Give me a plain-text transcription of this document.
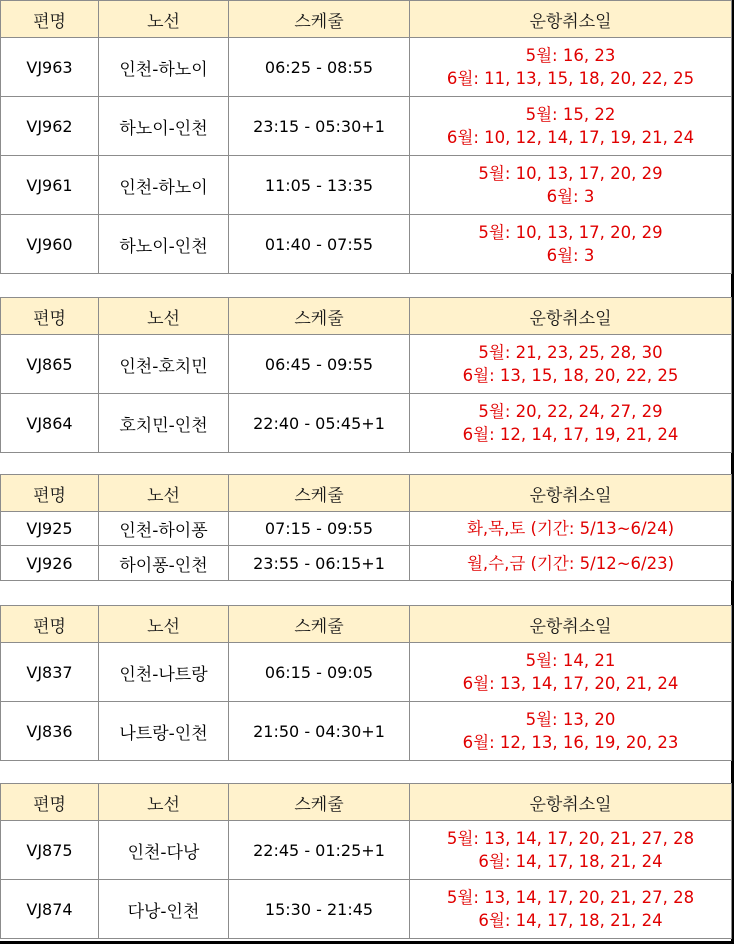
편명	노선	스케줄	운항취소일
VJ963	인천-하노이	06:25 - 08:55	5월: 16, 23
6월: 11, 13, 15, 18, 20, 22, 25

VJ962	하노이-인천	23:15 - 05:30+1	5월: 15, 22
6월: 10, 12, 14, 17, 19, 21, 24

VJ961	인천-하노이	11:05 - 13:35	5월: 10, 13, 17, 20, 29
6월: 3

VJ960	하노이-인천	01:40 - 07:55	5월: 10, 13, 17, 20, 29
6월: 3
편명	노선	스케줄	운항취소일
VJ865	인천-호치민	06:45 - 09:55	5월: 21, 23, 25, 28, 30
6월: 13, 15, 18, 20, 22, 25

VJ864	호치민-인천	22:40 - 05:45+1	5월: 20, 22, 24, 27, 29
6월: 12, 14, 17, 19, 21, 24
편명	노선	스케줄	운항취소일
VJ925	인천-하이퐁	07:15 - 09:55	화,목,토 (기간: 5/13~6/24)

VJ926	하이퐁-인천	23:55 - 06:15+1	월,수,금 (기간: 5/12~6/23)
편명	노선	스케줄	운항취소일
VJ837	인천-나트랑	06:15 - 09:05	5월: 14, 21
6월: 13, 14, 17, 20, 21, 24

VJ836	나트랑-인천	21:50 - 04:30+1	5월: 13, 20
6월: 12, 13, 16, 19, 20, 23
편명	노선	스케줄	운항취소일
VJ875	인천-다낭	22:45 - 01:25+1	5월: 13, 14, 17, 20, 21, 27, 28
6월: 14, 17, 18, 21, 24

VJ874	다낭-인천	15:30 - 21:45	5월: 13, 14, 17, 20, 21, 27, 28
6월: 14, 17, 18, 21, 24
